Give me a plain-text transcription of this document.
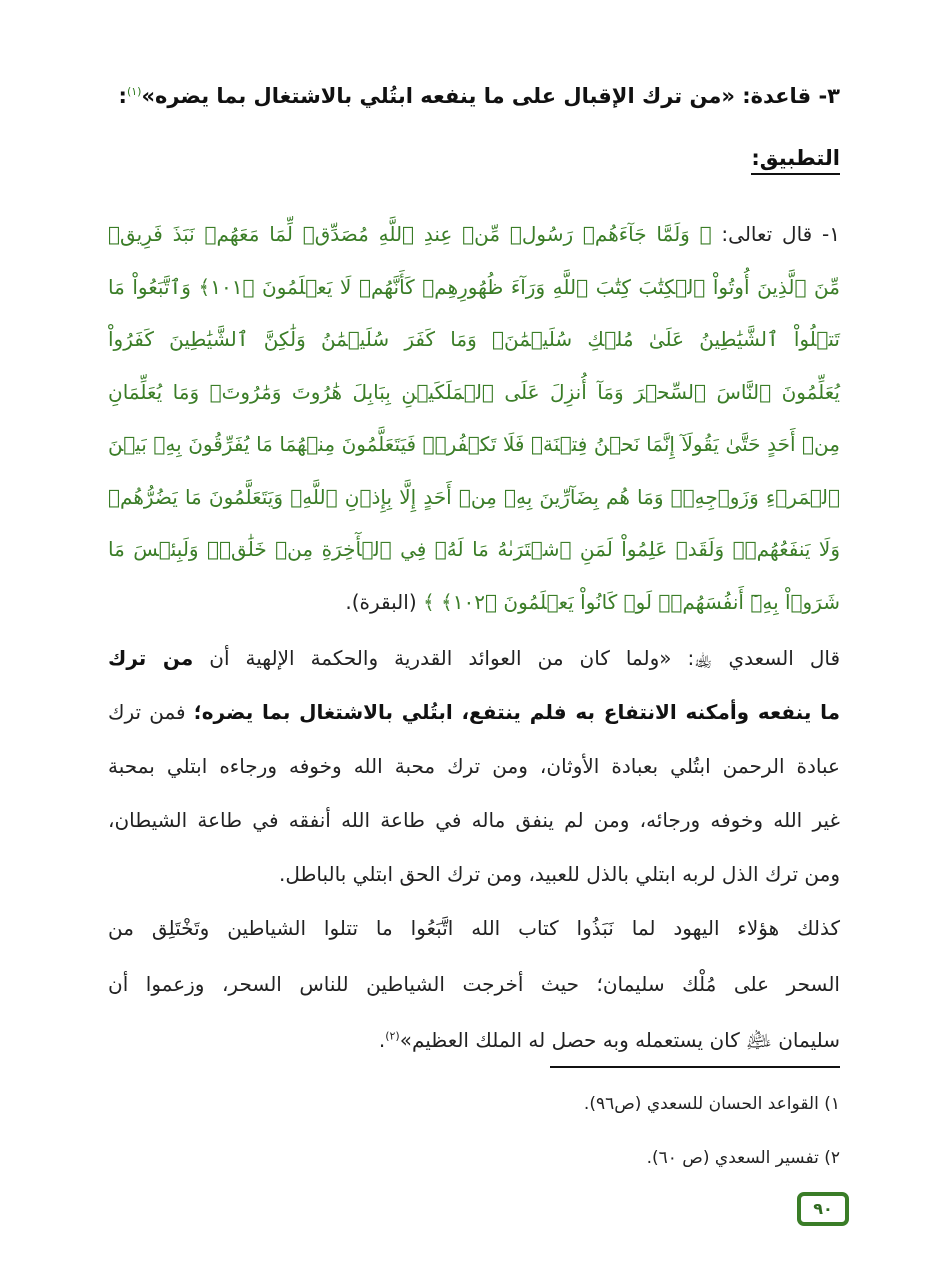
٣- قاعدة: «من ترك الإقبال على ما ينفعه ابتُلي بالاشتغال بما يضره»$^{(١)}$:
التطبيق:
١- قال تعالى: ﴿ وَلَمَّا جَآءَهُمۡ رَسُولٞ مِّنۡ عِندِ ٱللَّهِ مُصَدِّقٞ لِّمَا مَعَهُمۡ نَبَذَ فَرِيقٞ
مِّنَ ٱلَّذِينَ أُوتُواْ ٱلۡكِتَٰبَ كِتَٰبَ ٱللَّهِ وَرَآءَ ظُهُورِهِمۡ كَأَنَّهُمۡ لَا يَعۡلَمُونَ ﴿١٠١﴾ وَٱتَّبَعُواْ مَا
تَتۡلُواْ ٱلشَّيَٰطِينُ عَلَىٰ مُلۡكِ سُلَيۡمَٰنَۖ وَمَا كَفَرَ سُلَيۡمَٰنُ وَلَٰكِنَّ ٱلشَّيَٰطِينَ كَفَرُواْ
يُعَلِّمُونَ ٱلنَّاسَ ٱلسِّحۡرَ وَمَآ أُنزِلَ عَلَى ٱلۡمَلَكَيۡنِ بِبَابِلَ هَٰرُوتَ وَمَٰرُوتَۚ وَمَا يُعَلِّمَانِ
مِنۡ أَحَدٍ حَتَّىٰ يَقُولَآ إِنَّمَا نَحۡنُ فِتۡنَةٞ فَلَا تَكۡفُرۡۖ فَيَتَعَلَّمُونَ مِنۡهُمَا مَا يُفَرِّقُونَ بِهِۦ بَيۡنَ
ٱلۡمَرۡءِ وَزَوۡجِهِۦۚ وَمَا هُم بِضَآرِّينَ بِهِۦ مِنۡ أَحَدٍ إِلَّا بِإِذۡنِ ٱللَّهِۚ وَيَتَعَلَّمُونَ مَا يَضُرُّهُمۡ
وَلَا يَنفَعُهُمۡۚ وَلَقَدۡ عَلِمُواْ لَمَنِ ٱشۡتَرَىٰهُ مَا لَهُۥ فِي ٱلۡأٓخِرَةِ مِنۡ خَلَٰقٖۚ وَلَبِئۡسَ مَا
شَرَوۡاْ بِهِۦٓ أَنفُسَهُمۡۚ لَوۡ كَانُواْ يَعۡلَمُونَ ﴿١٠٢﴾ ﴾ (البقرة).
قال السعدي ﵀: «ولما كان من العوائد القدرية والحكمة الإلهية أن من ترك
ما ينفعه وأمكنه الانتفاع به فلم ينتفع، ابتُلي بالاشتغال بما يضره؛ فمن ترك
عبادة الرحمن ابتُلي بعبادة الأوثان، ومن ترك محبة الله وخوفه ورجاءه ابتلي بمحبة
غير الله وخوفه ورجائه، ومن لم ينفق ماله في طاعة الله أنفقه في طاعة الشيطان،
ومن ترك الذل لربه ابتلي بالذل للعبيد، ومن ترك الحق ابتلي بالباطل.
كذلك هؤلاء اليهود لما نَبَذُوا كتاب الله اتَّبَعُوا ما تتلوا الشياطين وتَخْتَلِق من
السحر على مُلْك سليمان؛ حيث أخرجت الشياطين للناس السحر، وزعموا أن
سليمان ﵇ كان يستعمله وبه حصل له الملك العظيم»$^{(٢)}$.
١) القواعد الحسان للسعدي (ص٩٦).
٢) تفسير السعدي (ص ٦٠).
٩٠
